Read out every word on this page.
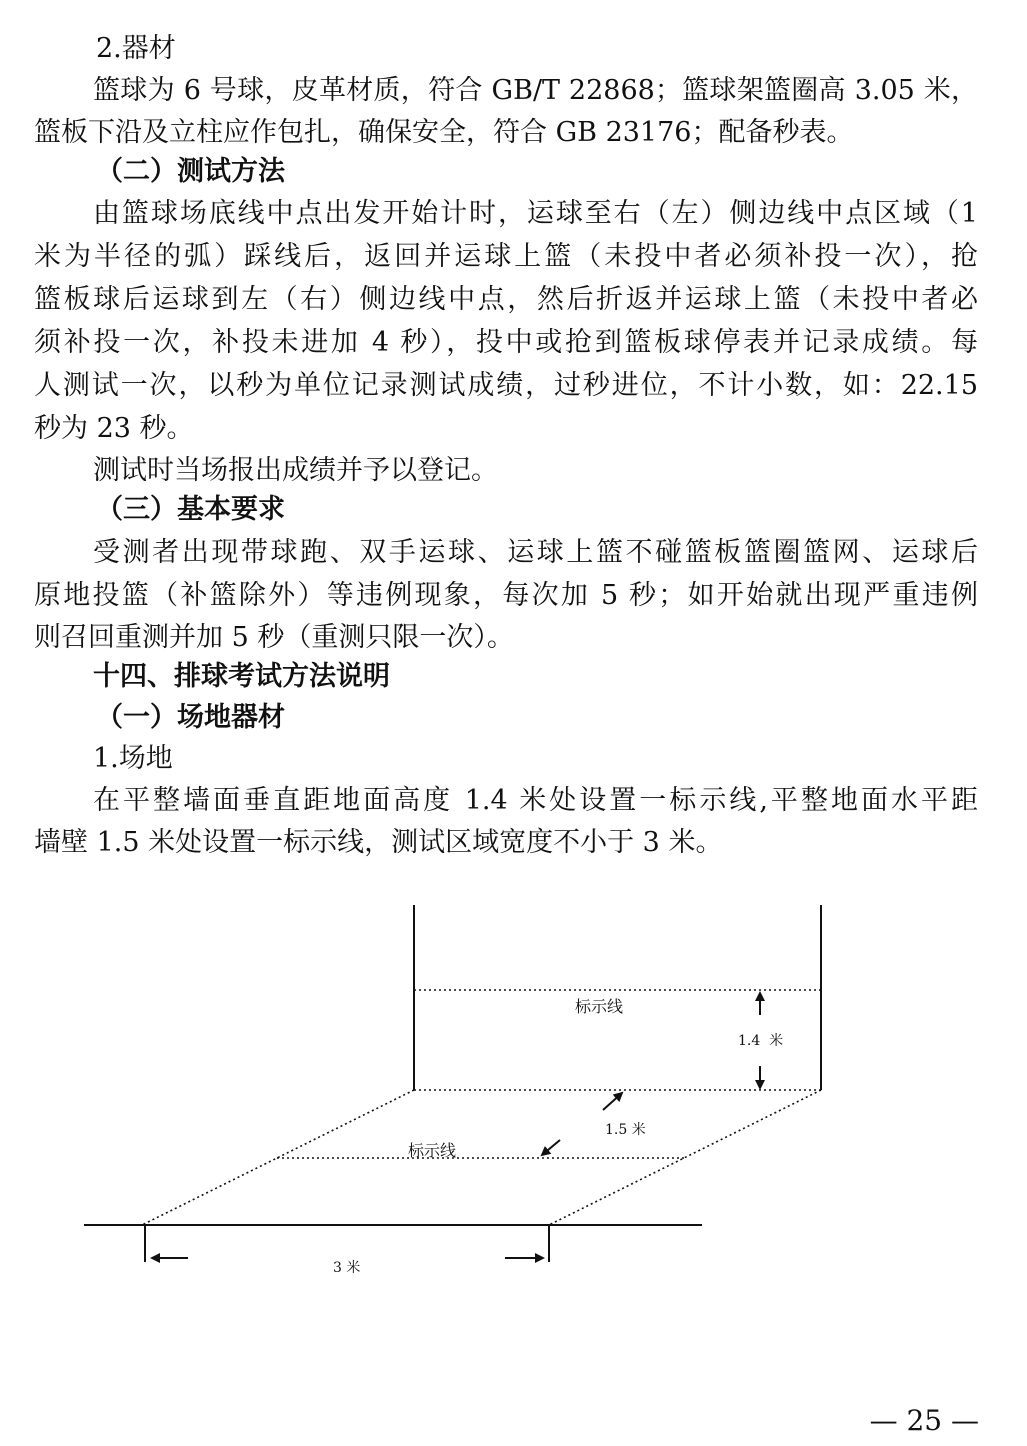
2.器材
篮球为 6 号球，皮革材质，符合 GB/T 22868；篮球架篮圈高 3.05 米，
篮板下沿及立柱应作包扎，确保安全，符合 GB 23176；配备秒表。
（二）测试方法
由篮球场底线中点出发开始计时，运球至右（左）侧边线中点区域（1
米为半径的弧）踩线后，返回并运球上篮（未投中者必须补投一次），抢
篮板球后运球到左（右）侧边线中点，然后折返并运球上篮（未投中者必
须补投一次，补投未进加 4 秒），投中或抢到篮板球停表并记录成绩。每
人测试一次，以秒为单位记录测试成绩，过秒进位，不计小数，如：22.15
秒为 23 秒。
测试时当场报出成绩并予以登记。
（三）基本要求
受测者出现带球跑、双手运球、运球上篮不碰篮板篮圈篮网、运球后
原地投篮（补篮除外）等违例现象，每次加 5 秒；如开始就出现严重违例
则召回重测并加 5 秒（重测只限一次）。
十四、排球考试方法说明
（一）场地器材
1.场地
在平整墙面垂直距地面高度 1.4 米处设置一标示线,平整地面水平距
墙壁 1.5 米处设置一标示线，测试区域宽度不小于 3 米。
标示线
1.4  米
1.5 米
标示线
3 米
— 25 —
